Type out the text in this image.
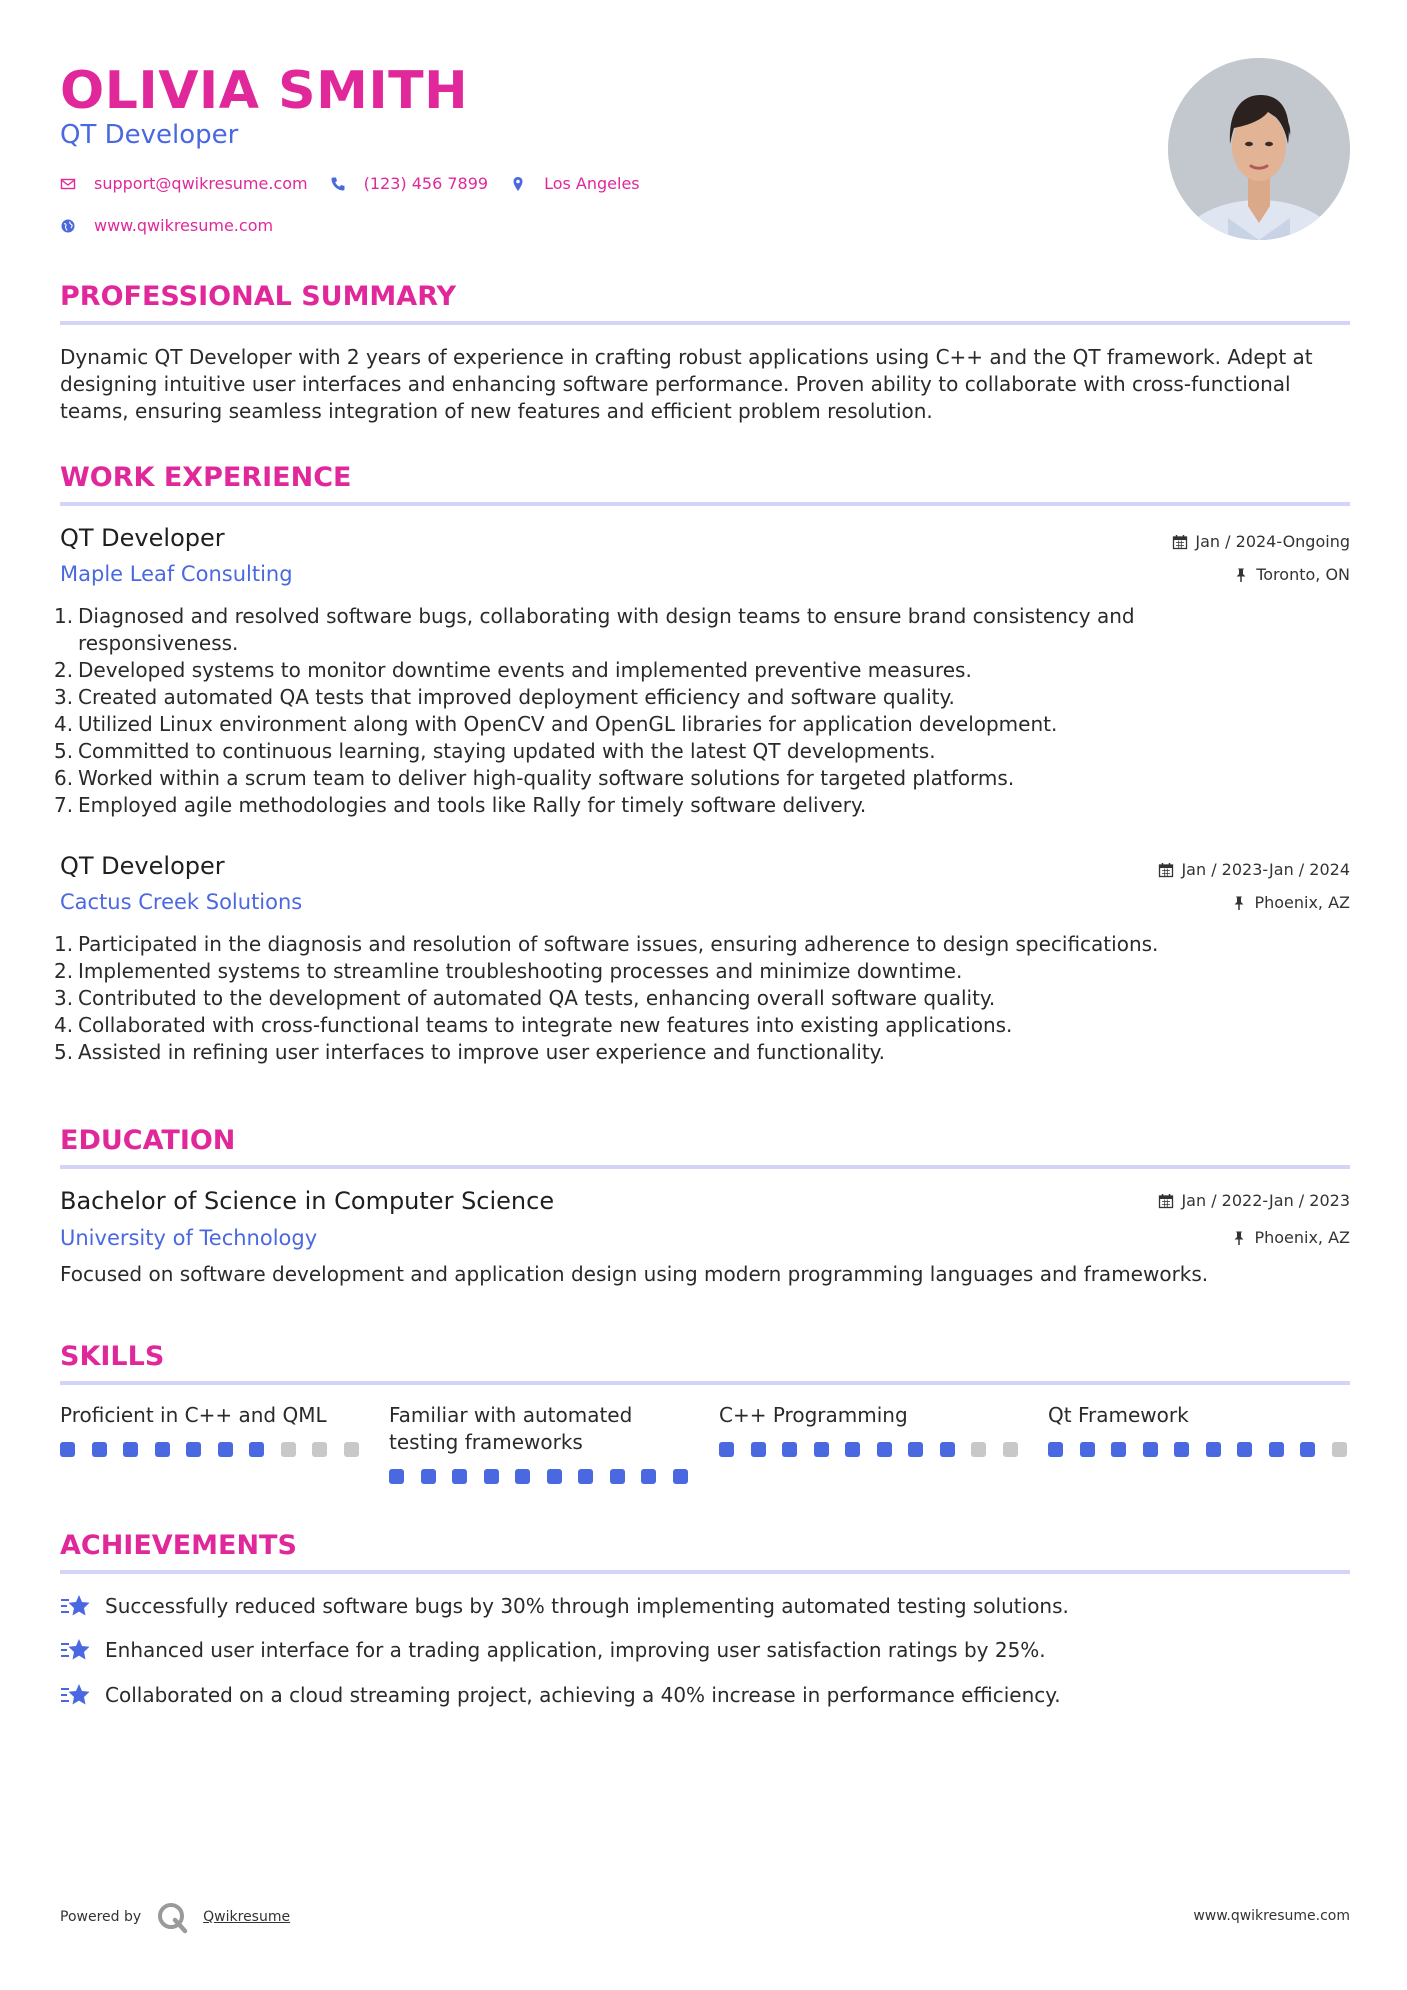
OLIVIA SMITH
QT Developer
support@qwikresume.com	(123) 456 7899	Los Angeles
www.qwikresume.com
PROFESSIONAL SUMMARY

Dynamic QT Developer with 2 years of experience in crafting robust applications using C++ and the QT framework. Adept at designing intuitive user interfaces and enhancing software performance. Proven ability to collaborate with cross-functional teams, ensuring seamless integration of new features and efficient problem resolution.

WORK EXPERIENCE
QT Developer
Maple Leaf Consulting
Jan / 2024-Ongoing
Toronto, ON
1. Diagnosed and resolved software bugs, collaborating with design teams to ensure brand consistency and responsiveness.
2. Developed systems to monitor downtime events and implemented preventive measures.
3. Created automated QA tests that improved deployment efficiency and software quality.
4. Utilized Linux environment along with OpenCV and OpenGL libraries for application development.
5. Committed to continuous learning, staying updated with the latest QT developments.
6. Worked within a scrum team to deliver high-quality software solutions for targeted platforms.
7. Employed agile methodologies and tools like Rally for timely software delivery.
QT Developer
Cactus Creek Solutions
Jan / 2023-Jan / 2024
Phoenix, AZ
1. Participated in the diagnosis and resolution of software issues, ensuring adherence to design specifications.
2. Implemented systems to streamline troubleshooting processes and minimize downtime.
3. Contributed to the development of automated QA tests, enhancing overall software quality.
4. Collaborated with cross-functional teams to integrate new features into existing applications.
5. Assisted in refining user interfaces to improve user experience and functionality.
EDUCATION
Bachelor of Science in Computer Science
University of Technology
Jan / 2022-Jan / 2023
Phoenix, AZ

Focused on software development and application design using modern programming languages and frameworks.

SKILLS
Proficient in C++ and QML	Familiar with automated testing frameworks
C++ Programming	Qt Framework
ACHIEVEMENTS
Successfully reduced software bugs by 30% through implementing automated testing solutions.
Enhanced user interface for a trading application, improving user satisfaction ratings by 25%.
Collaborated on a cloud streaming project, achieving a 40% increase in performance efficiency.
Powered by	Qwikresume	www.qwikresume.com
